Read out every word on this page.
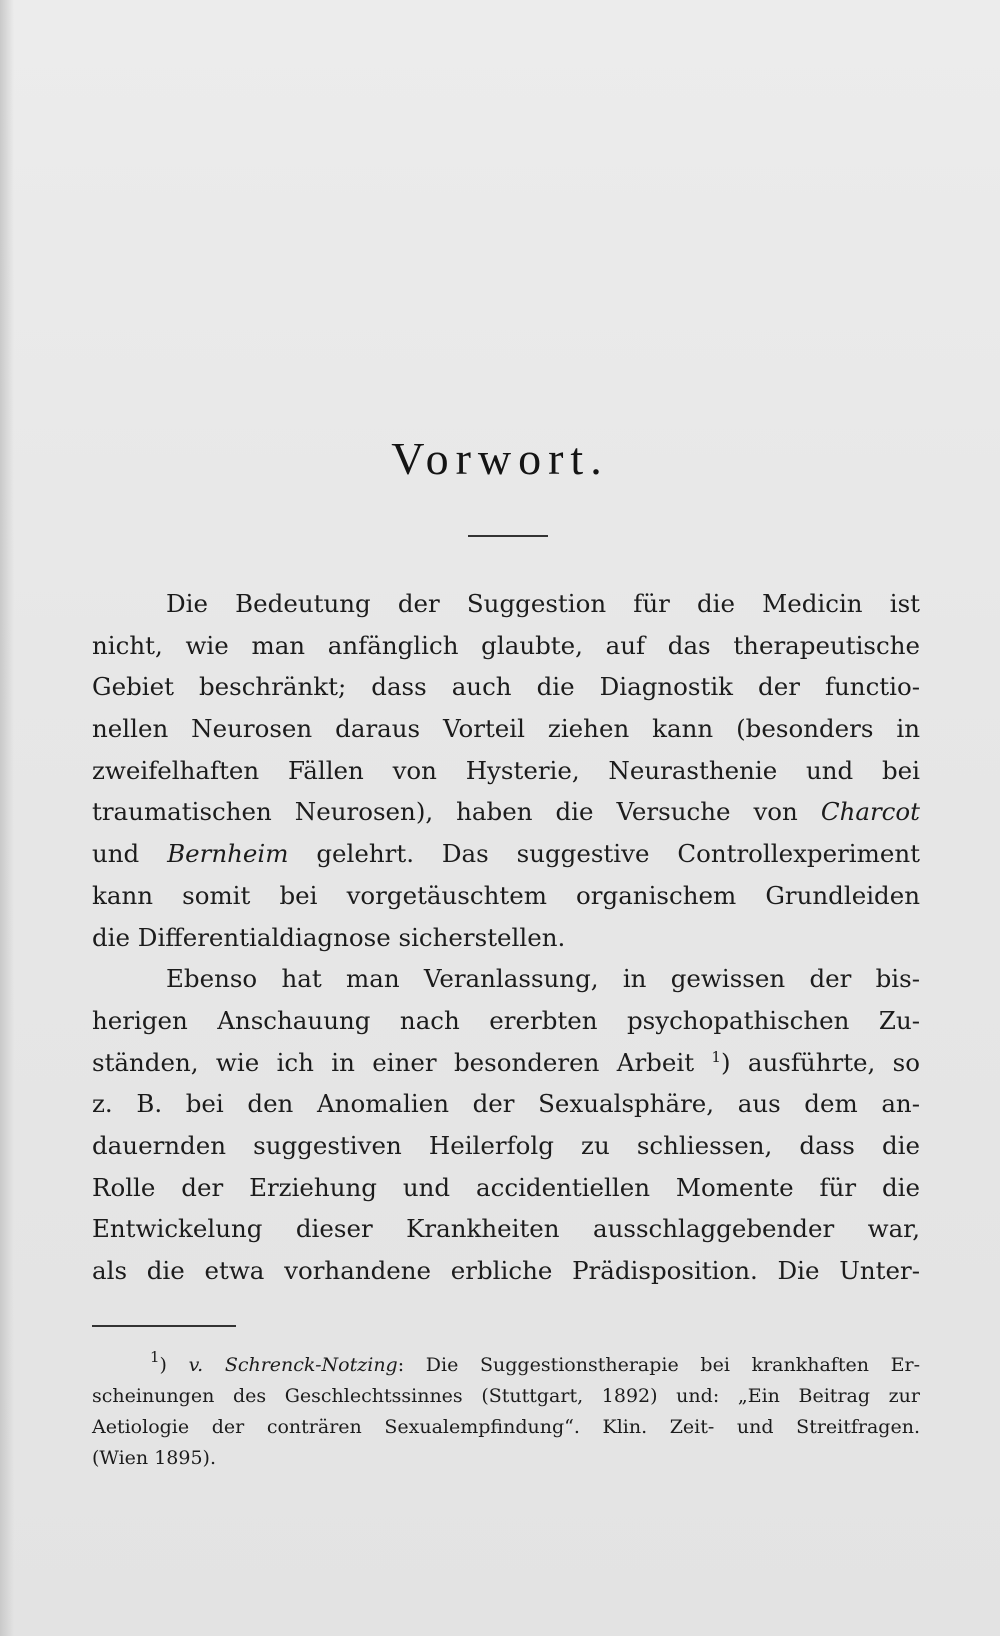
Vorwort.
Die Bedeutung der Suggestion für die Medicin ist
nicht, wie man anfänglich glaubte, auf das therapeutische
Gebiet beschränkt; dass auch die Diagnostik der functio-
nellen Neurosen daraus Vorteil ziehen kann (besonders in
zweifelhaften Fällen von Hysterie, Neurasthenie und bei
traumatischen Neurosen), haben die Versuche von Charcot
und Bernheim gelehrt. Das suggestive Controllexperiment
kann somit bei vorgetäuschtem organischem Grundleiden
die Differentialdiagnose sicherstellen.
Ebenso hat man Veranlassung, in gewissen der bis-
herigen Anschauung nach ererbten psychopathischen Zu-
ständen, wie ich in einer besonderen Arbeit $^1$) ausführte, so
z. B. bei den Anomalien der Sexualsphäre, aus dem an-
dauernden suggestiven Heilerfolg zu schliessen, dass die
Rolle der Erziehung und accidentiellen Momente für die
Entwickelung dieser Krankheiten ausschlaggebender war,
als die etwa vorhandene erbliche Prädisposition. Die Unter-
$^1$) v. Schrenck-Notzing: Die Suggestionstherapie bei krankhaften Er-
scheinungen des Geschlechtssinnes (Stuttgart, 1892) und: „Ein Beitrag zur
Aetiologie der conträren Sexualempfindung“. Klin. Zeit- und Streitfragen.
(Wien 1895).
